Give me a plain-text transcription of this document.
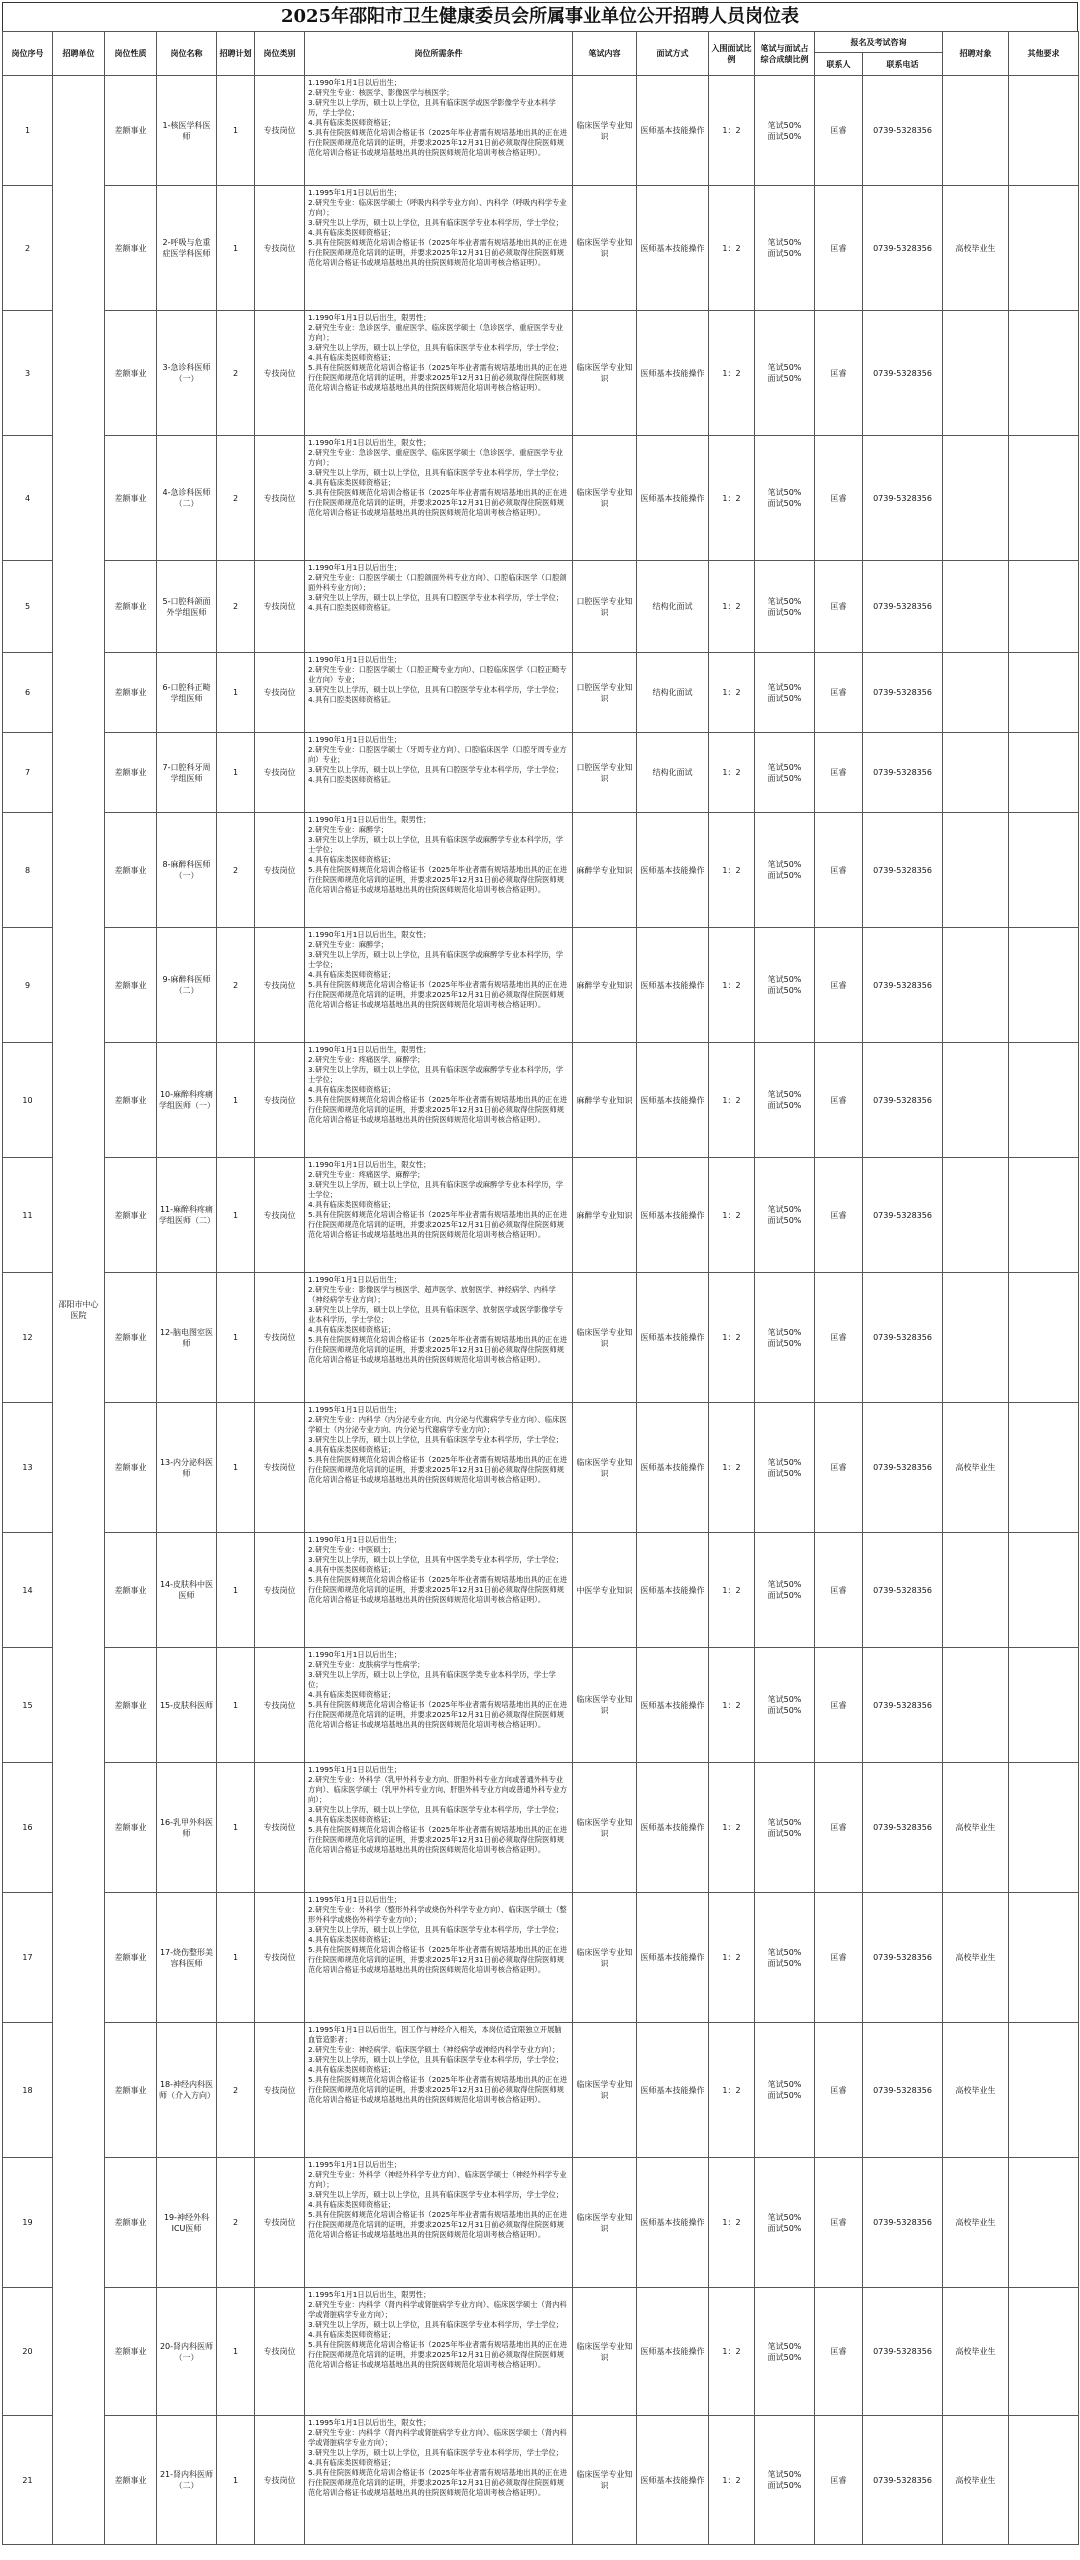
2025年邵阳市卫生健康委员会所属事业单位公开招聘人员岗位表
岗位序号	招聘单位	岗位性质	岗位名称	招聘计划	岗位类别	岗位所需条件	笔试内容	面试方式	入围面试比例	笔试与面试占综合成绩比例	报名及考试咨询		招聘对象	其他要求
											联系人	联系电话		
1	邵阳市中心医院	差额事业	1-核医学科医师	1	专技岗位	1.1990年1月1日以后出生；
2.研究生专业：核医学、影像医学与核医学；
3.研究生以上学历，硕士以上学位，且具有临床医学或医学影像学专业本科学历，学士学位；
4.具有临床类医师资格证；
5.具有住院医师规范化培训合格证书（2025年毕业者需有规培基地出具的正在进行住院医师规范化培训的证明，并要求2025年12月31日前必须取得住院医师规范化培训合格证书或规培基地出具的住院医师规范化培训考核合格证明）。	临床医学专业知识	医师基本技能操作	1：2	笔试50%
面试50%	匡睿	0739-5328356		
2		差额事业	2-呼吸与危重症医学科医师	1	专技岗位	1.1995年1月1日以后出生；
2.研究生专业：临床医学硕士（呼吸内科学专业方向）、内科学（呼吸内科学专业方向）；
3.研究生以上学历，硕士以上学位，且具有临床医学专业本科学历，学士学位；
4.具有临床类医师资格证；
5.具有住院医师规范化培训合格证书（2025年毕业者需有规培基地出具的正在进行住院医师规范化培训的证明，并要求2025年12月31日前必须取得住院医师规范化培训合格证书或规培基地出具的住院医师规范化培训考核合格证明）。	临床医学专业知识	医师基本技能操作	1：2	笔试50%
面试50%	匡睿	0739-5328356	高校毕业生	
3		差额事业	3-急诊科医师（一）	2	专技岗位	1.1990年1月1日以后出生，限男性；
2.研究生专业：急诊医学、重症医学、临床医学硕士（急诊医学、重症医学专业方向）；
3.研究生以上学历，硕士以上学位，且具有临床医学专业本科学历，学士学位；
4.具有临床类医师资格证；
5.具有住院医师规范化培训合格证书（2025年毕业者需有规培基地出具的正在进行住院医师规范化培训的证明，并要求2025年12月31日前必须取得住院医师规范化培训合格证书或规培基地出具的住院医师规范化培训考核合格证明）。	临床医学专业知识	医师基本技能操作	1：2	笔试50%
面试50%	匡睿	0739-5328356		
4		差额事业	4-急诊科医师（二）	2	专技岗位	1.1990年1月1日以后出生，限女性；
2.研究生专业：急诊医学、重症医学、临床医学硕士（急诊医学、重症医学专业方向）；
3.研究生以上学历，硕士以上学位，且具有临床医学专业本科学历，学士学位；
4.具有临床类医师资格证；
5.具有住院医师规范化培训合格证书（2025年毕业者需有规培基地出具的正在进行住院医师规范化培训的证明，并要求2025年12月31日前必须取得住院医师规范化培训合格证书或规培基地出具的住院医师规范化培训考核合格证明）。	临床医学专业知识	医师基本技能操作	1：2	笔试50%
面试50%	匡睿	0739-5328356		
5		差额事业	5-口腔科颌面外学组医师	2	专技岗位	1.1990年1月1日以后出生；
2.研究生专业：口腔医学硕士（口腔颌面外科专业方向）、口腔临床医学（口腔颌面外科专业方向）；
3.研究生以上学历，硕士以上学位，且具有口腔医学专业本科学历，学士学位；
4.具有口腔类医师资格证。	口腔医学专业知识	结构化面试	1：2	笔试50%
面试50%	匡睿	0739-5328356		
6		差额事业	6-口腔科正畸学组医师	1	专技岗位	1.1990年1月1日以后出生；
2.研究生专业：口腔医学硕士（口腔正畸专业方向）、口腔临床医学（口腔正畸专业方向）专业；
3.研究生以上学历，硕士以上学位，且具有口腔医学专业本科学历，学士学位；
4.具有口腔类医师资格证。	口腔医学专业知识	结构化面试	1：2	笔试50%
面试50%	匡睿	0739-5328356		
7		差额事业	7-口腔科牙周学组医师	1	专技岗位	1.1990年1月1日以后出生；
2.研究生专业：口腔医学硕士（牙周专业方向）、口腔临床医学（口腔牙周专业方向）专业；
3.研究生以上学历，硕士以上学位，且具有口腔医学专业本科学历，学士学位；
4.具有口腔类医师资格证。	口腔医学专业知识	结构化面试	1：2	笔试50%
面试50%	匡睿	0739-5328356		
8		差额事业	8-麻醉科医师（一）	2	专技岗位	1.1990年1月1日以后出生，限男性；
2.研究生专业：麻醉学；
3.研究生以上学历，硕士以上学位，且具有临床医学或麻醉学专业本科学历，学士学位；
4.具有临床类医师资格证；
5.具有住院医师规范化培训合格证书（2025年毕业者需有规培基地出具的正在进行住院医师规范化培训的证明，并要求2025年12月31日前必须取得住院医师规范化培训合格证书或规培基地出具的住院医师规范化培训考核合格证明）。	麻醉学专业知识	医师基本技能操作	1：2	笔试50%
面试50%	匡睿	0739-5328356		
9		差额事业	9-麻醉科医师（二）	2	专技岗位	1.1990年1月1日以后出生，限女性；
2.研究生专业：麻醉学；
3.研究生以上学历，硕士以上学位，且具有临床医学或麻醉学专业本科学历，学士学位；
4.具有临床类医师资格证；
5.具有住院医师规范化培训合格证书（2025年毕业者需有规培基地出具的正在进行住院医师规范化培训的证明，并要求2025年12月31日前必须取得住院医师规范化培训合格证书或规培基地出具的住院医师规范化培训考核合格证明）。	麻醉学专业知识	医师基本技能操作	1：2	笔试50%
面试50%	匡睿	0739-5328356		
10		差额事业	10-麻醉科疼痛学组医师（一）	1	专技岗位	1.1990年1月1日以后出生，限男性；
2.研究生专业：疼痛医学、麻醉学；
3.研究生以上学历，硕士以上学位，且具有临床医学或麻醉学专业本科学历，学士学位；
4.具有临床类医师资格证；
5.具有住院医师规范化培训合格证书（2025年毕业者需有规培基地出具的正在进行住院医师规范化培训的证明，并要求2025年12月31日前必须取得住院医师规范化培训合格证书或规培基地出具的住院医师规范化培训考核合格证明）。	麻醉学专业知识	医师基本技能操作	1：2	笔试50%
面试50%	匡睿	0739-5328356		
11		差额事业	11-麻醉科疼痛学组医师（二）	1	专技岗位	1.1990年1月1日以后出生，限女性；
2.研究生专业：疼痛医学、麻醉学；
3.研究生以上学历，硕士以上学位，且具有临床医学或麻醉学专业本科学历，学士学位；
4.具有临床类医师资格证；
5.具有住院医师规范化培训合格证书（2025年毕业者需有规培基地出具的正在进行住院医师规范化培训的证明，并要求2025年12月31日前必须取得住院医师规范化培训合格证书或规培基地出具的住院医师规范化培训考核合格证明）。	麻醉学专业知识	医师基本技能操作	1：2	笔试50%
面试50%	匡睿	0739-5328356		
12		差额事业	12-脑电图室医师	1	专技岗位	1.1990年1月1日以后出生；
2.研究生专业：影像医学与核医学、超声医学、放射医学、神经病学、内科学（神经病学专业方向）；
3.研究生以上学历，硕士以上学位，且具有临床医学、放射医学或医学影像学专业本科学历，学士学位；
4.具有临床类医师资格证；
5.具有住院医师规范化培训合格证书（2025年毕业者需有规培基地出具的正在进行住院医师规范化培训的证明，并要求2025年12月31日前必须取得住院医师规范化培训合格证书或规培基地出具的住院医师规范化培训考核合格证明）。	临床医学专业知识	医师基本技能操作	1：2	笔试50%
面试50%	匡睿	0739-5328356		
13		差额事业	13-内分泌科医师	1	专技岗位	1.1995年1月1日以后出生；
2.研究生专业：内科学（内分泌专业方向、内分泌与代谢病学专业方向）、临床医学硕士（内分泌专业方向、内分泌与代谢病学专业方向）；
3.研究生以上学历，硕士以上学位，且具有临床医学专业本科学历，学士学位；
4.具有临床类医师资格证；
5.具有住院医师规范化培训合格证书（2025年毕业者需有规培基地出具的正在进行住院医师规范化培训的证明，并要求2025年12月31日前必须取得住院医师规范化培训合格证书或规培基地出具的住院医师规范化培训考核合格证明）。	临床医学专业知识	医师基本技能操作	1：2	笔试50%
面试50%	匡睿	0739-5328356	高校毕业生	
14		差额事业	14-皮肤科中医医师	1	专技岗位	1.1990年1月1日以后出生；
2.研究生专业：中医硕士；
3.研究生以上学历，硕士以上学位，且具有中医学类专业本科学历，学士学位；
4.具有中医类医师资格证；
5.具有住院医师规范化培训合格证书（2025年毕业者需有规培基地出具的正在进行住院医师规范化培训的证明，并要求2025年12月31日前必须取得住院医师规范化培训合格证书或规培基地出具的住院医师规范化培训考核合格证明）。	中医学专业知识	医师基本技能操作	1：2	笔试50%
面试50%	匡睿	0739-5328356		
15		差额事业	15-皮肤科医师	1	专技岗位	1.1990年1月1日以后出生；
2.研究生专业：皮肤病学与性病学；
3.研究生以上学历，硕士以上学位，且具有临床医学类专业本科学历，学士学位；
4.具有临床类医师资格证；
5.具有住院医师规范化培训合格证书（2025年毕业者需有规培基地出具的正在进行住院医师规范化培训的证明，并要求2025年12月31日前必须取得住院医师规范化培训合格证书或规培基地出具的住院医师规范化培训考核合格证明）。	临床医学专业知识	医师基本技能操作	1：2	笔试50%
面试50%	匡睿	0739-5328356		
16		差额事业	16-乳甲外科医师	1	专技岗位	1.1995年1月1日以后出生；
2.研究生专业：外科学（乳甲外科专业方向、肝胆外科专业方向或普通外科专业方向）、临床医学硕士（乳甲外科专业方向、肝胆外科专业方向或普通外科专业方向）；
3.研究生以上学历，硕士以上学位，且具有临床医学专业本科学历，学士学位；
4.具有临床类医师资格证；
5.具有住院医师规范化培训合格证书（2025年毕业者需有规培基地出具的正在进行住院医师规范化培训的证明，并要求2025年12月31日前必须取得住院医师规范化培训合格证书或规培基地出具的住院医师规范化培训考核合格证明）。	临床医学专业知识	医师基本技能操作	1：2	笔试50%
面试50%	匡睿	0739-5328356	高校毕业生	
17		差额事业	17-烧伤整形美容科医师	1	专技岗位	1.1995年1月1日以后出生；
2.研究生专业：外科学（整形外科学或烧伤外科学专业方向）、临床医学硕士（整形外科学或烧伤外科学专业方向）；
3.研究生以上学历，硕士以上学位，且具有临床医学专业本科学历，学士学位；
4.具有临床类医师资格证；
5.具有住院医师规范化培训合格证书（2025年毕业者需有规培基地出具的正在进行住院医师规范化培训的证明，并要求2025年12月31日前必须取得住院医师规范化培训合格证书或规培基地出具的住院医师规范化培训考核合格证明）。	临床医学专业知识	医师基本技能操作	1：2	笔试50%
面试50%	匡睿	0739-5328356	高校毕业生	
18		差额事业	18-神经内科医师（介入方向）	2	专技岗位	1.1995年1月1日以后出生，因工作与神经介入相关，本岗位适宜限独立开展脑血管造影者；
2.研究生专业：神经病学、临床医学硕士（神经病学或神经内科学专业方向）；
3.研究生以上学历，硕士以上学位，且具有临床医学专业本科学历，学士学位；
4.具有临床类医师资格证；
5.具有住院医师规范化培训合格证书（2025年毕业者需有规培基地出具的正在进行住院医师规范化培训的证明，并要求2025年12月31日前必须取得住院医师规范化培训合格证书或规培基地出具的住院医师规范化培训考核合格证明）。	临床医学专业知识	医师基本技能操作	1：2	笔试50%
面试50%	匡睿	0739-5328356	高校毕业生	
19		差额事业	19-神经外科ICU医师	2	专技岗位	1.1995年1月1日以后出生；
2.研究生专业：外科学（神经外科学专业方向）、临床医学硕士（神经外科学专业方向）；
3.研究生以上学历，硕士以上学位，且具有临床医学专业本科学历，学士学位；
4.具有临床类医师资格证；
5.具有住院医师规范化培训合格证书（2025年毕业者需有规培基地出具的正在进行住院医师规范化培训的证明，并要求2025年12月31日前必须取得住院医师规范化培训合格证书或规培基地出具的住院医师规范化培训考核合格证明）。	临床医学专业知识	医师基本技能操作	1：2	笔试50%
面试50%	匡睿	0739-5328356	高校毕业生	
20		差额事业	20-肾内科医师（一）	1	专技岗位	1.1995年1月1日以后出生，限男性；
2.研究生专业：内科学（肾内科学或肾脏病学专业方向）、临床医学硕士（肾内科学或肾脏病学专业方向）；
3.研究生以上学历，硕士以上学位，且具有临床医学专业本科学历，学士学位；
4.具有临床类医师资格证；
5.具有住院医师规范化培训合格证书（2025年毕业者需有规培基地出具的正在进行住院医师规范化培训的证明，并要求2025年12月31日前必须取得住院医师规范化培训合格证书或规培基地出具的住院医师规范化培训考核合格证明）。	临床医学专业知识	医师基本技能操作	1：2	笔试50%
面试50%	匡睿	0739-5328356	高校毕业生	
21		差额事业	21-肾内科医师（二）	1	专技岗位	1.1995年1月1日以后出生，限女性；
2.研究生专业：内科学（肾内科学或肾脏病学专业方向）、临床医学硕士（肾内科学或肾脏病学专业方向）；
3.研究生以上学历，硕士以上学位，且具有临床医学专业本科学历，学士学位；
4.具有临床类医师资格证；
5.具有住院医师规范化培训合格证书（2025年毕业者需有规培基地出具的正在进行住院医师规范化培训的证明，并要求2025年12月31日前必须取得住院医师规范化培训合格证书或规培基地出具的住院医师规范化培训考核合格证明）。	临床医学专业知识	医师基本技能操作	1：2	笔试50%
面试50%	匡睿	0739-5328356	高校毕业生	
